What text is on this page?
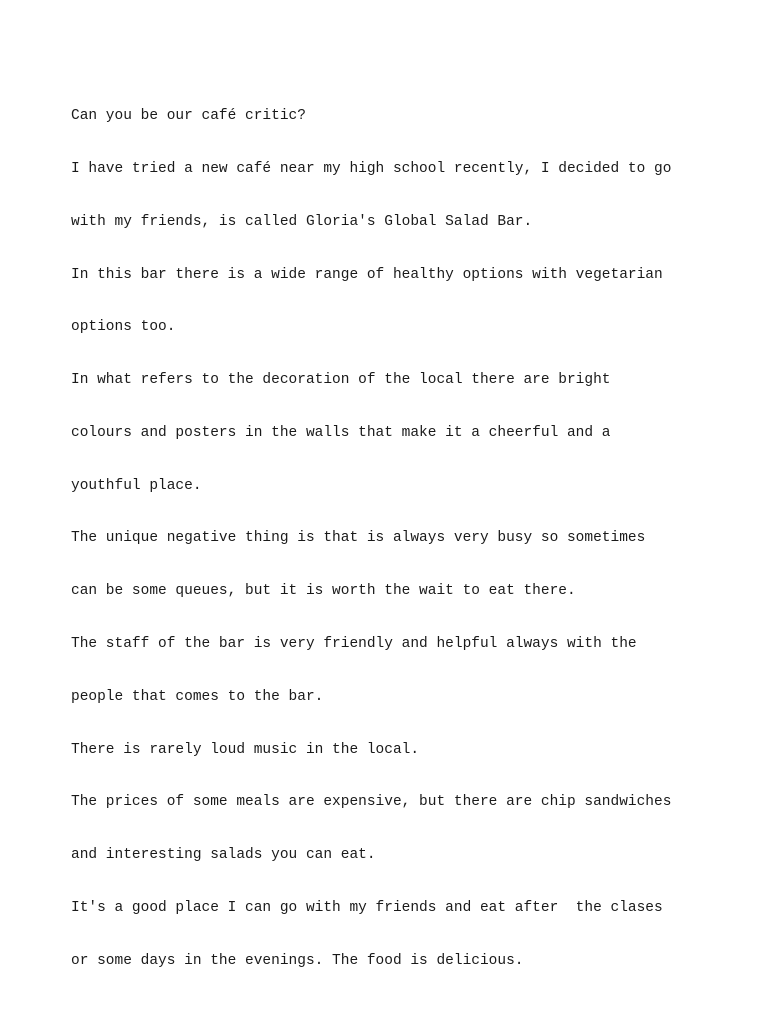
Can you be our café critic?

I have tried a new café near my high school recently, I decided to go

with my friends, is called Gloria's Global Salad Bar.

In this bar there is a wide range of healthy options with vegetarian

options too.

In what refers to the decoration of the local there are bright

colours and posters in the walls that make it a cheerful and a

youthful place.

The unique negative thing is that is always very busy so sometimes

can be some queues, but it is worth the wait to eat there.

The staff of the bar is very friendly and helpful always with the

people that comes to the bar.

There is rarely loud music in the local.

The prices of some meals are expensive, but there are chip sandwiches

and interesting salads you can eat.

It's a good place I can go with my friends and eat after  the clases

or some days in the evenings. The food is delicious.
